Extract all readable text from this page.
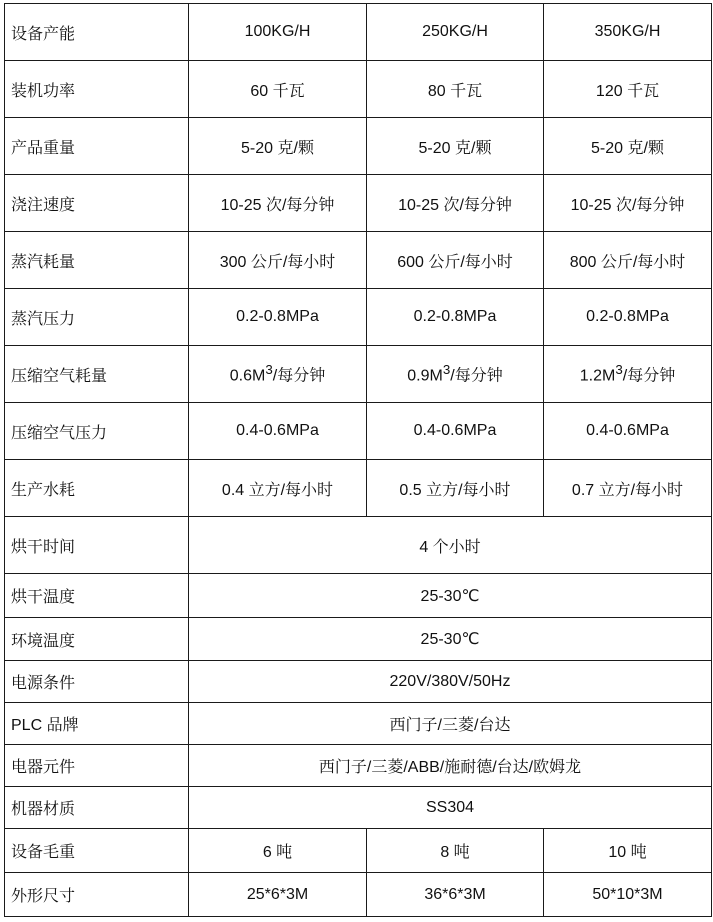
设备产能	100KG/H	250KG/H	350KG/H
装机功率	60 千瓦	80 千瓦	120 千瓦
产品重量	5-20 克/颗	5-20 克/颗	5-20 克/颗
浇注速度	10-25 次/每分钟	10-25 次/每分钟	10-25 次/每分钟
蒸汽耗量	300 公斤/每小时	600 公斤/每小时	800 公斤/每小时
蒸汽压力	0.2-0.8MPa	0.2-0.8MPa	0.2-0.8MPa
压缩空气耗量	$0.6M^3/$每分钟	$0.9M^3/$每分钟	$1.2M^3/$每分钟
压缩空气压力	0.4-0.6MPa	0.4-0.6MPa	0.4-0.6MPa
生产水耗	0.4 立方/每小时	0.5 立方/每小时	0.7 立方/每小时
烘干时间	4 个小时		
烘干温度	25-30℃		
环境温度	25-30℃		
电源条件	220V/380V/50Hz		
PLC 品牌	西门子/三菱/台达		
电器元件	西门子/三菱/ABB/施耐德/台达/欧姆龙		
机器材质	SS304		
设备毛重	6 吨	8 吨	10 吨
外形尺寸	25*6*3M	36*6*3M	50*10*3M
